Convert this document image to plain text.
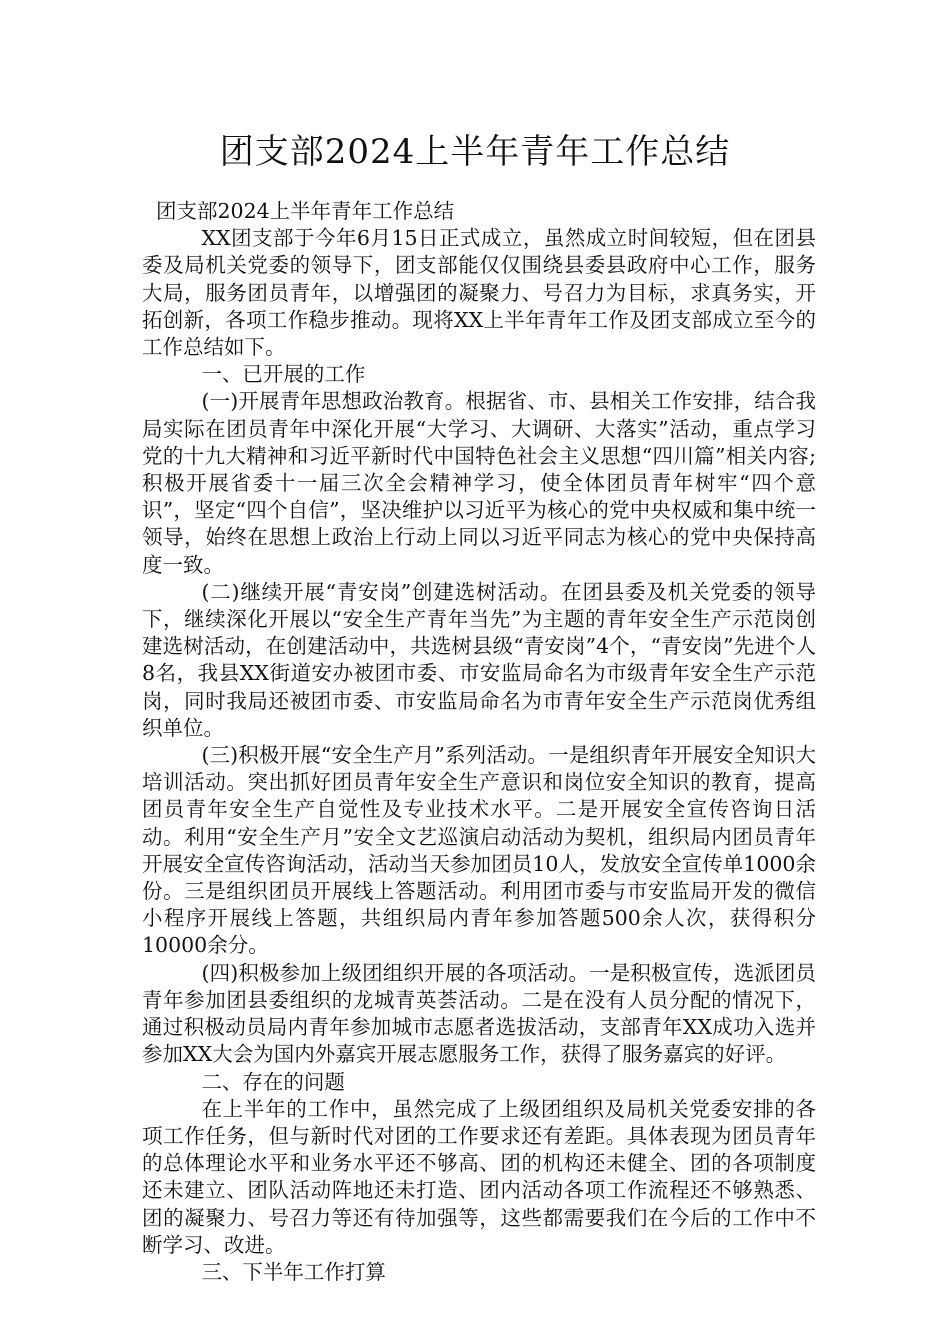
团支部2024上半年青年工作总结

团支部2024上半年青年工作总结

XX团支部于今年6月15日正式成立，虽然成立时间较短，但在团县委及局机关党委的领导下，团支部能仅仅围绕县委县政府中心工作，服务大局，服务团员青年，以增强团的凝聚力、号召力为目标，求真务实，开拓创新，各项工作稳步推动。现将XX上半年青年工作及团支部成立至今的工作总结如下。

一、已开展的工作

(一)开展青年思想政治教育。根据省、市、县相关工作安排，结合我局实际在团员青年中深化开展“大学习、大调研、大落实”活动，重点学习党的十九大精神和习近平新时代中国特色社会主义思想“四川篇”相关内容;积极开展省委十一届三次全会精神学习，使全体团员青年树牢“四个意识”，坚定“四个自信”，坚决维护以习近平为核心的党中央权威和集中统一领导，始终在思想上政治上行动上同以习近平同志为核心的党中央保持高度一致。

(二)继续开展“青安岗”创建选树活动。在团县委及机关党委的领导下，继续深化开展以“安全生产青年当先”为主题的青年安全生产示范岗创建选树活动，在创建活动中，共选树县级“青安岗”4个，“青安岗”先进个人8名，我县XX街道安办被团市委、市安监局命名为市级青年安全生产示范岗，同时我局还被团市委、市安监局命名为市青年安全生产示范岗优秀组织单位。

(三)积极开展“安全生产月”系列活动。一是组织青年开展安全知识大培训活动。突出抓好团员青年安全生产意识和岗位安全知识的教育，提高团员青年安全生产自觉性及专业技术水平。二是开展安全宣传咨询日活动。利用“安全生产月”安全文艺巡演启动活动为契机，组织局内团员青年开展安全宣传咨询活动，活动当天参加团员10人，发放安全宣传单1000余份。三是组织团员开展线上答题活动。利用团市委与市安监局开发的微信小程序开展线上答题，共组织局内青年参加答题500余人次，获得积分10000余分。

(四)积极参加上级团组织开展的各项活动。一是积极宣传，选派团员青年参加团县委组织的龙城青英荟活动。二是在没有人员分配的情况下，通过积极动员局内青年参加城市志愿者选拔活动，支部青年XX成功入选并参加XX大会为国内外嘉宾开展志愿服务工作，获得了服务嘉宾的好评。

二、存在的问题

在上半年的工作中，虽然完成了上级团组织及局机关党委安排的各项工作任务，但与新时代对团的工作要求还有差距。具体表现为团员青年的总体理论水平和业务水平还不够高、团的机构还未健全、团的各项制度还未建立、团队活动阵地还未打造、团内活动各项工作流程还不够熟悉、团的凝聚力、号召力等还有待加强等，这些都需要我们在今后的工作中不断学习、改进。

三、下半年工作打算
